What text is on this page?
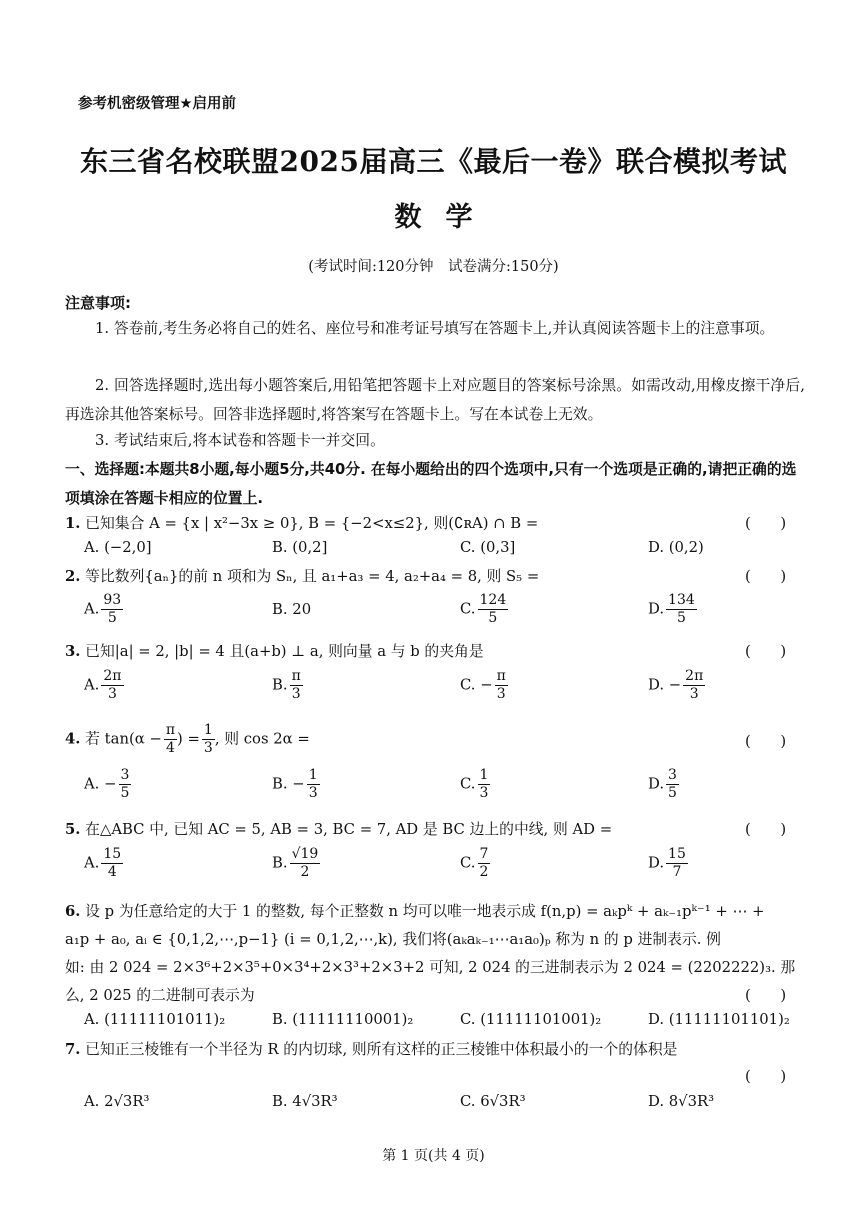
参考机密级管理★启用前
东三省名校联盟2025届高三《最后一卷》联合模拟考试
数学
(考试时间:120分钟　试卷满分:150分)
注意事项:
1. 答卷前,考生务必将自己的姓名、座位号和准考证号填写在答题卡上,并认真阅读答题卡上的注意事项。
2. 回答选择题时,选出每小题答案后,用铅笔把答题卡上对应题目的答案标号涂黑。如需改动,用橡皮擦干净后,再选涂其他答案标号。回答非选择题时,将答案写在答题卡上。写在本试卷上无效。
3. 考试结束后,将本试卷和答题卡一并交回。
一、选择题:本题共8小题,每小题5分,共40分. 在每小题给出的四个选项中,只有一个选项是正确的,请把正确的选项填涂在答题卡相应的位置上.
1. 已知集合 A = {x | x²−3x ≥ 0}, B = {−2<x≤2}, 则(∁ʀA) ∩ B =	(　　)
A. (−2,0]	B. (0,2]	C. (0,3]	D. (0,2)
2. 等比数列{aₙ}的前 n 项和为 Sₙ, 且 a₁+a₃ = 4, a₂+a₄ = 8, 则 S₅ =	(　　)
A. $\frac{93}{5}$	B. 20	C. $\frac{124}{5}$	D. $\frac{134}{5}$
3. 已知|a| = 2, |b| = 4 且(a+b) ⊥ a, 则向量 a 与 b 的夹角是	(　　)
A. $\frac{2\pi}{3}$	B. $\frac{\pi}{3}$	C. − $\frac{\pi}{3}$	D. − $\frac{2\pi}{3}$
4. 若 $\tan(\alpha - \frac{\pi}{4}$ ) = $\frac{1}{3}$ , 则 cos 2α =	(　　)
A. − $\frac{3}{5}$	B. − $\frac{1}{3}$	C. $\frac{1}{3}$	D. $\frac{3}{5}$
5. 在△ABC 中, 已知 AC = 5, AB = 3, BC = 7, AD 是 BC 边上的中线, 则 AD =	(　　)
A. $\frac{15}{4}$	B. $\frac{√19}{2}$	C. $\frac{7}{2}$	D. $\frac{15}{7}$
6. 设 p 为任意给定的大于 1 的整数, 每个正整数 n 均可以唯一地表示成 f(n,p) = aₖpᵏ + aₖ₋₁pᵏ⁻¹ + ⋯ +
a₁p + a₀, aᵢ ∈ {0,1,2,⋯,p−1} (i = 0,1,2,⋯,k), 我们将(aₖaₖ₋₁⋯a₁a₀)ₚ 称为 n 的 p 进制表示. 例
如: 由 2 024 = 2×3⁶+2×3⁵+0×3⁴+2×3³+2×3+2 可知, 2 024 的三进制表示为 2 024 = (2202222)₃. 那
么, 2 025 的二进制可表示为	(　　)
A. (11111101011)₂	B. (11111110001)₂	C. (11111101001)₂	D. (11111101101)₂
7. 已知正三棱锥有一个半径为 R 的内切球, 则所有这样的正三棱锥中体积最小的一个的体积是
(　　)
A. 2√3R³	B. 4√3R³	C. 6√3R³	D. 8√3R³
第 1 页(共 4 页)
